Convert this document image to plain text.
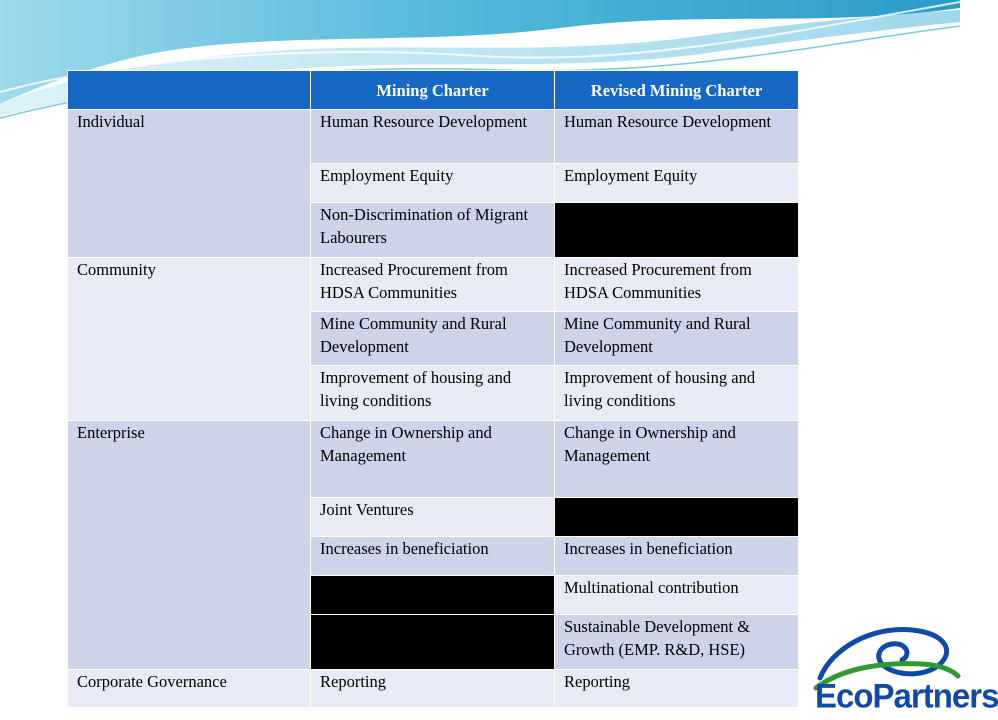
	Mining Charter	Revised Mining Charter
Individual	Human Resource Development	Human Resource Development
	Employment Equity	Employment Equity
	Non-Discrimination of Migrant Labourers	
Community	Increased Procurement from HDSA Communities	Increased Procurement from HDSA Communities
	Mine Community and Rural Development	Mine Community and Rural Development
	Improvement of housing and living conditions	Improvement of housing and living conditions
Enterprise	Change in Ownership and Management	Change in Ownership and Management
	Joint Ventures	
	Increases in beneficiation	Increases in beneficiation
		Multinational contribution
		Sustainable Development & Growth (EMP. R&D, HSE)
Corporate Governance	Reporting	Reporting	EcoPartners
